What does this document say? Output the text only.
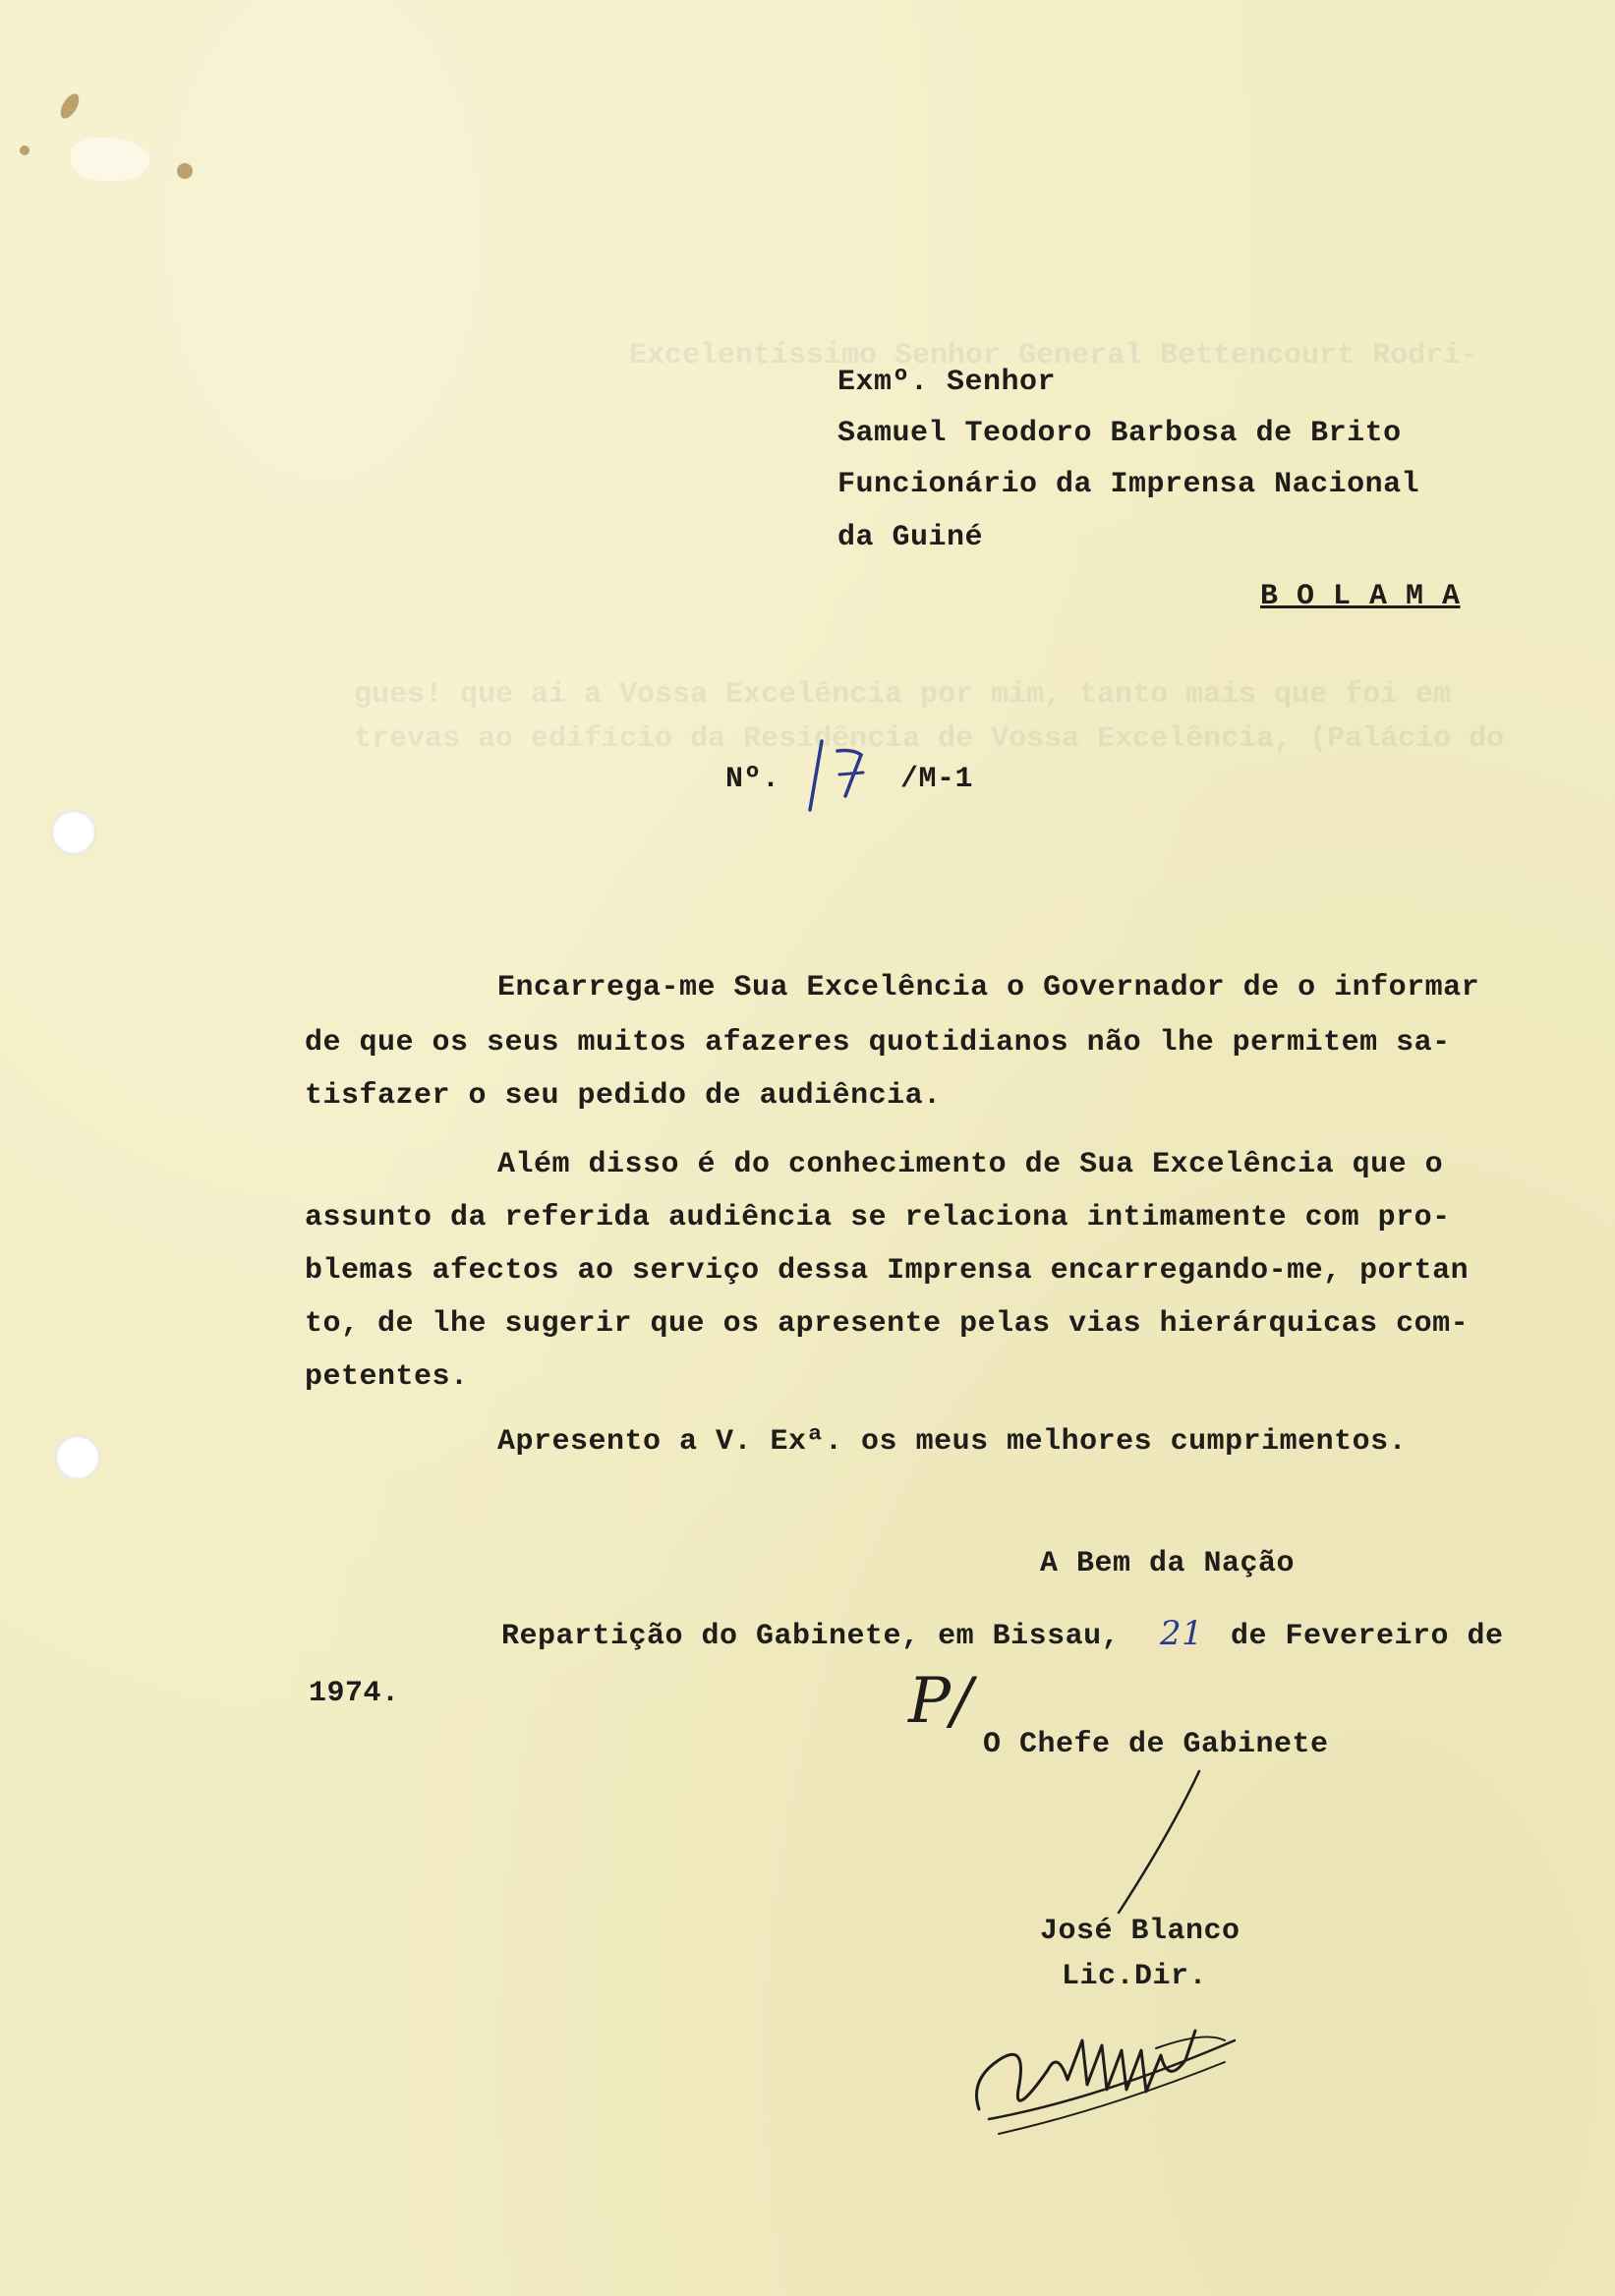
Excelentíssimo Senhor General Bettencourt Rodri-
gues! que ai a Vossa Excelência por mim, tanto mais que foi em
trevas ao edifício da Residência de Vossa Excelência, (Palácio do
Exmº. Senhor
Samuel Teodoro Barbosa de Brito
Funcionário da Imprensa Nacional
da Guiné
B O L A M A
Nº.	/M-1
Encarrega-me Sua Excelência o Governador de o informar
de que os seus muitos afazeres quotidianos não lhe permitem sa-
tisfazer o seu pedido de audiência.
Além disso é do conhecimento de Sua Excelência que o
assunto da referida audiência se relaciona intimamente com pro-
blemas afectos ao serviço dessa Imprensa encarregando-me, portan
to, de lhe sugerir que os apresente pelas vias hierárquicas com-
petentes.
Apresento a V. Exª. os meus melhores cumprimentos.
A Bem da Nação
Repartição do Gabinete, em Bissau, 21 de Fevereiro de
1974.	P/
O Chefe de Gabinete
José Blanco
Lic.Dir.
